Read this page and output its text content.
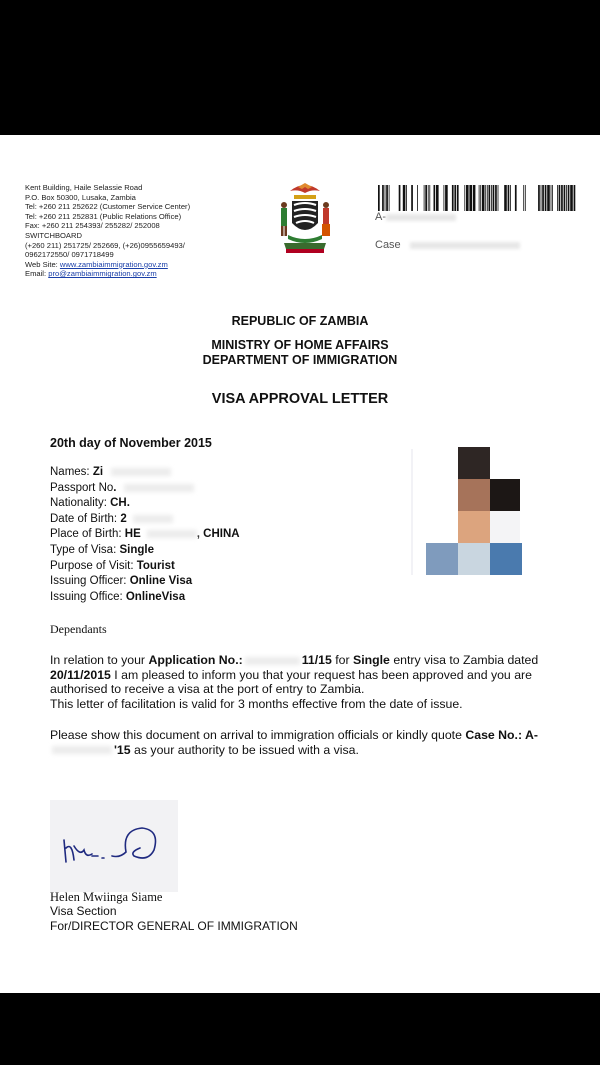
Kent Building, Haile Selassie Road
P.O. Box 50300, Lusaka, Zambia
Tel: +260 211 252622 (Customer Service Center)
Tel: +260 211 252831 (Public Relations Office)
Fax: +260 211 254393/ 255282/ 252008
SWITCHBOARD
(+260 211) 251725/ 252669, (+26)0955659493/
0962172550/ 0971718499
Web Site: www.zambiaimmigration.gov.zm
Email: pro@zambiaimmigration.gov.zm
A-
Case
REPUBLIC OF ZAMBIA
MINISTRY OF HOME AFFAIRS
DEPARTMENT OF IMMIGRATION
VISA APPROVAL LETTER
20th day of November 2015
Names: Zi
Passport No.
Nationality: CH.
Date of Birth: 2
Place of Birth: HE	, CHINA
Type of Visa: Single
Purpose of Visit: Tourist
Issuing Officer: Online Visa
Issuing Office: OnlineVisa
Dependants
In relation to your Application No.:	11/15 for Single entry visa to Zambia dated 20/11/2015 I am pleased to inform you that your request has been approved and you are authorised to receive a visa at the port of entry to Zambia.
This letter of facilitation is valid for 3 months effective from the date of issue.
Please show this document on arrival to immigration officials or kindly quote Case No.: A-'15 as your authority to be issued with a visa.
Helen Mwiinga Siame
Visa Section
For/DIRECTOR GENERAL OF IMMIGRATION
